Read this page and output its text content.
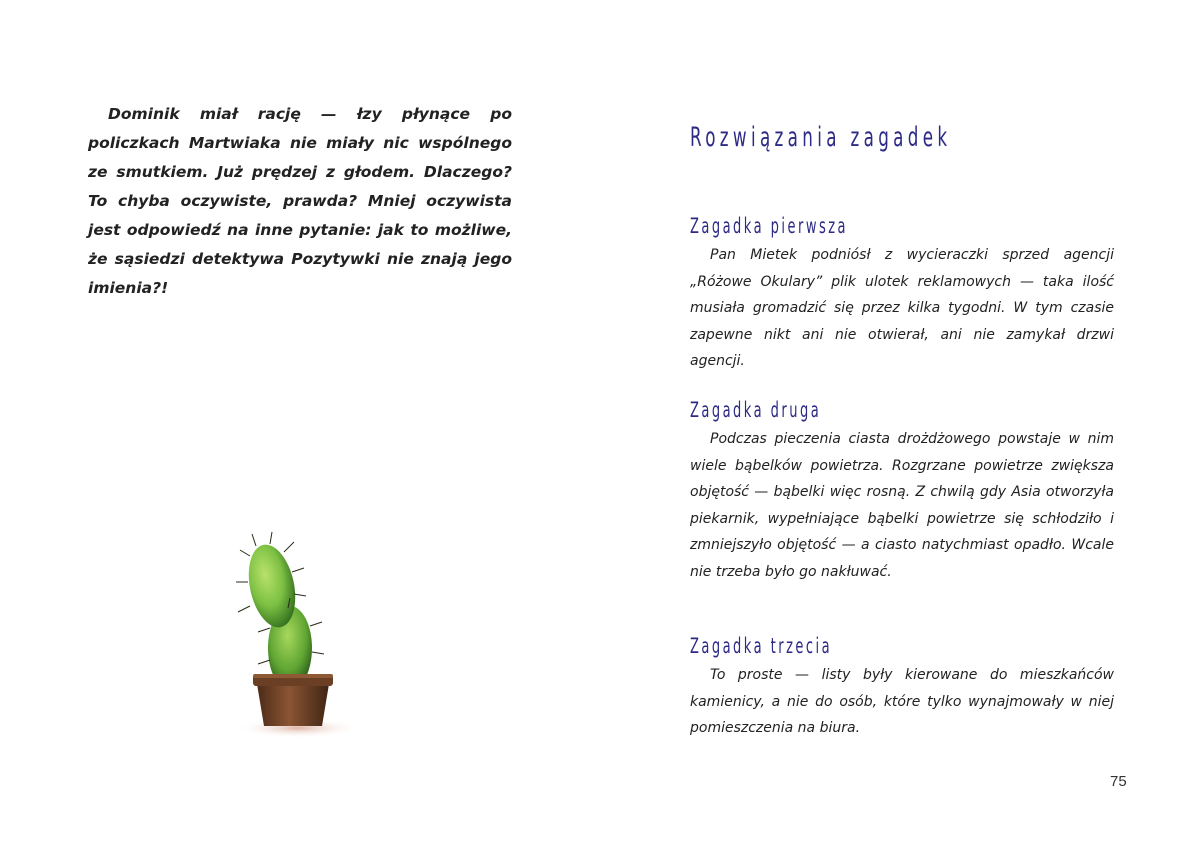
Dominik miał rację — łzy płynące po policzkach Martwiaka nie miały nic wspólnego ze smutkiem. Już prędzej z głodem. Dlaczego? To chyba oczywiste, prawda? Mniej oczywista jest odpowiedź na inne pytanie: jak to możliwe, że sąsiedzi detektywa Pozytywki nie znają jego imienia?!

Rozwiązania zagadek
Zagadka pierwsza

Pan Mietek podniósł z wycieraczki sprzed agencji „Różowe Okulary” plik ulotek reklamowych — taka ilość musiała gromadzić się przez kilka tygodni. W tym czasie zapewne nikt ani nie otwierał, ani nie zamykał drzwi agencji.

Zagadka druga

Podczas pieczenia ciasta drożdżowego powstaje w nim wiele bąbelków powietrza. Rozgrzane powietrze zwiększa objętość — bąbelki więc rosną. Z chwilą gdy Asia otworzyła piekarnik, wypełniające bąbelki powietrze się schłodziło i zmniejszyło objętość — a ciasto natychmiast opadło. Wcale nie trzeba było go nakłuwać.

Zagadka trzecia

To proste — listy były kierowane do mieszkańców kamienicy, a nie do osób, które tylko wynajmowały w niej pomieszczenia na biura.

75
